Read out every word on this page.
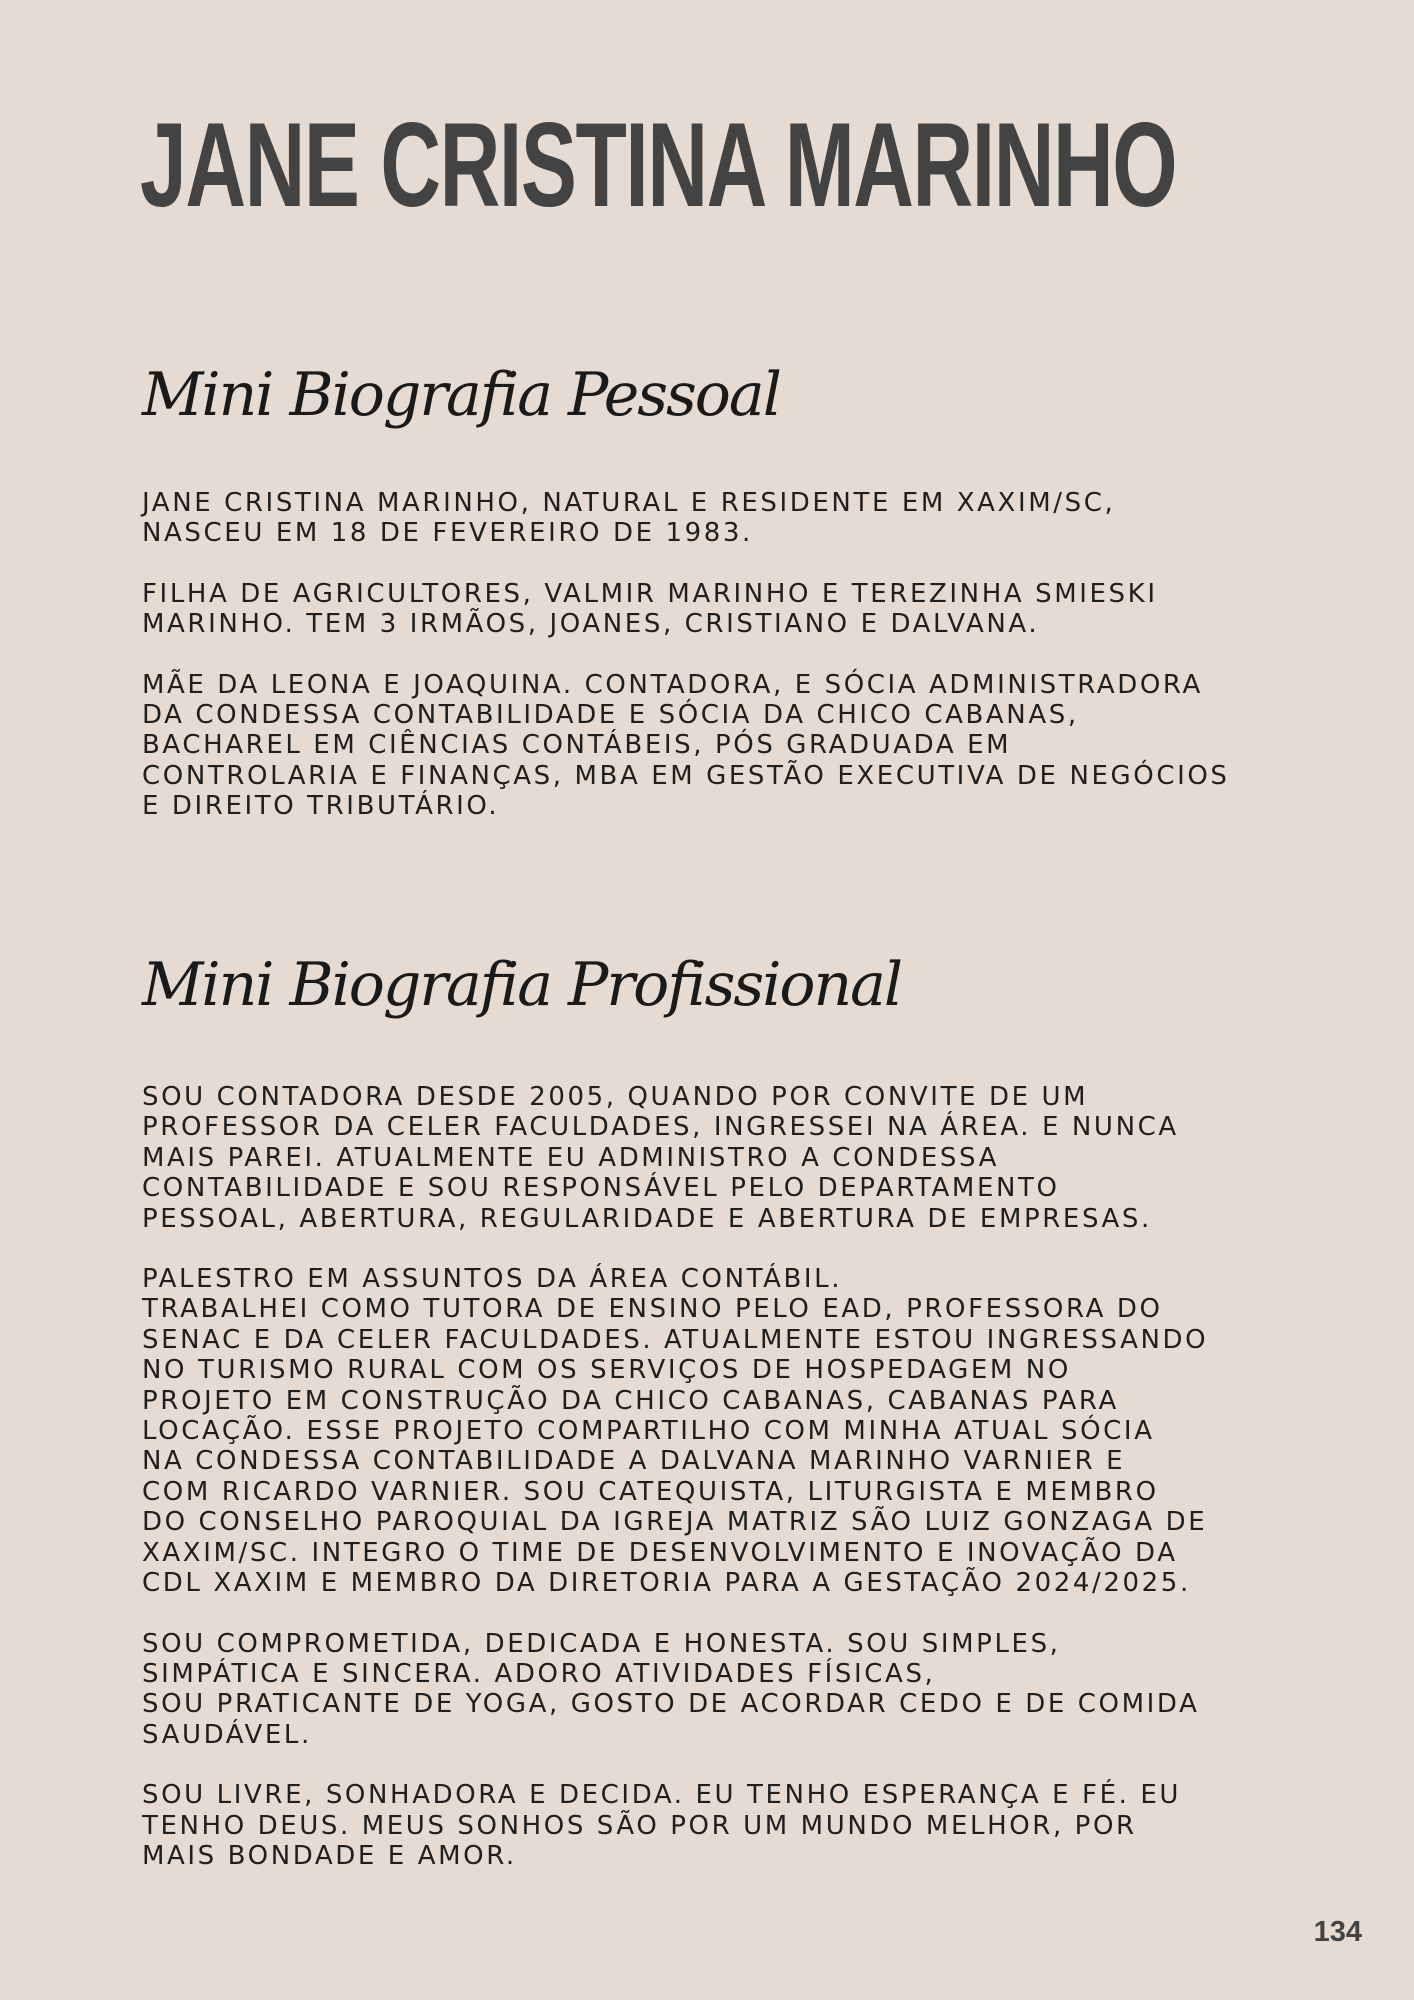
JANE CRISTINA MARINHO
Mini Biografia Pessoal

JANE CRISTINA MARINHO, NATURAL E RESIDENTE EM XAXIM/SC,
NASCEU EM 18 DE FEVEREIRO DE 1983.

FILHA DE AGRICULTORES, VALMIR MARINHO E TEREZINHA SMIESKI
MARINHO. TEM 3 IRMÃOS, JOANES, CRISTIANO E DALVANA.

MÃE DA LEONA E JOAQUINA. CONTADORA, E SÓCIA ADMINISTRADORA
DA CONDESSA CONTABILIDADE E SÓCIA DA CHICO CABANAS,
BACHAREL EM CIÊNCIAS CONTÁBEIS, PÓS GRADUADA EM
CONTROLARIA E FINANÇAS, MBA EM GESTÃO EXECUTIVA DE NEGÓCIOS
E DIREITO TRIBUTÁRIO.

Mini Biografia Profissional

SOU CONTADORA DESDE 2005, QUANDO POR CONVITE DE UM
PROFESSOR DA CELER FACULDADES, INGRESSEI NA ÁREA. E NUNCA
MAIS PAREI. ATUALMENTE EU ADMINISTRO A CONDESSA
CONTABILIDADE E SOU RESPONSÁVEL PELO DEPARTAMENTO
PESSOAL, ABERTURA, REGULARIDADE E ABERTURA DE EMPRESAS.

PALESTRO EM ASSUNTOS DA ÁREA CONTÁBIL.
TRABALHEI COMO TUTORA DE ENSINO PELO EAD, PROFESSORA DO
SENAC E DA CELER FACULDADES. ATUALMENTE ESTOU INGRESSANDO
NO TURISMO RURAL COM OS SERVIÇOS DE HOSPEDAGEM NO
PROJETO EM CONSTRUÇÃO DA CHICO CABANAS, CABANAS PARA
LOCAÇÃO. ESSE PROJETO COMPARTILHO COM MINHA ATUAL SÓCIA
NA CONDESSA CONTABILIDADE A DALVANA MARINHO VARNIER E
COM RICARDO VARNIER. SOU CATEQUISTA, LITURGISTA E MEMBRO
DO CONSELHO PAROQUIAL DA IGREJA MATRIZ SÃO LUIZ GONZAGA DE
XAXIM/SC. INTEGRO O TIME DE DESENVOLVIMENTO E INOVAÇÃO DA
CDL XAXIM E MEMBRO DA DIRETORIA PARA A GESTAÇÃO 2024/2025.

SOU COMPROMETIDA, DEDICADA E HONESTA. SOU SIMPLES,
SIMPÁTICA E SINCERA. ADORO ATIVIDADES FÍSICAS,
SOU PRATICANTE DE YOGA, GOSTO DE ACORDAR CEDO E DE COMIDA
SAUDÁVEL.

SOU LIVRE, SONHADORA E DECIDA. EU TENHO ESPERANÇA E FÉ. EU
TENHO DEUS. MEUS SONHOS SÃO POR UM MUNDO MELHOR, POR
MAIS BONDADE E AMOR.

134
